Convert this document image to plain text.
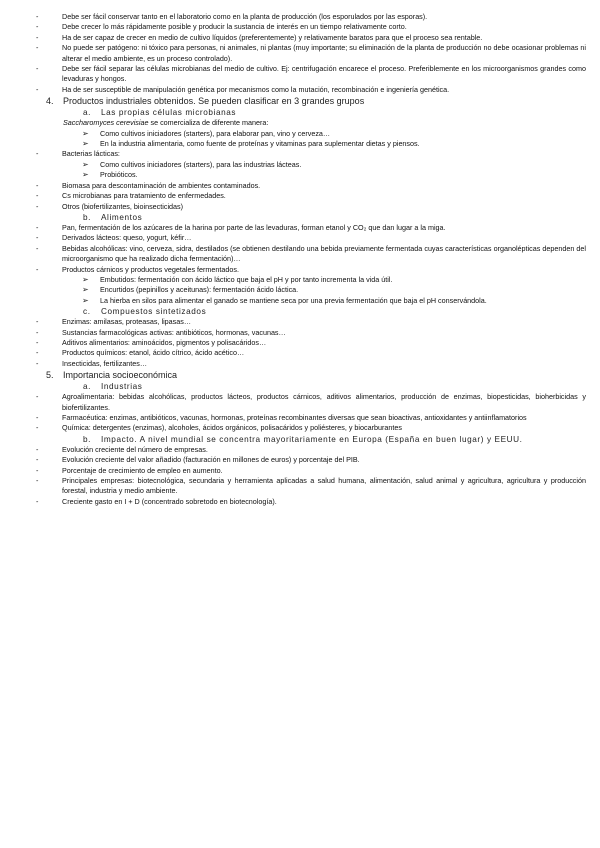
-	Debe ser fácil conservar tanto en el laboratorio como en la planta de producción (los esporulados por las esporas).
-	Debe crecer lo más rápidamente posible y producir la sustancia de interés en un tiempo relativamente corto.
-	Ha de ser capaz de crecer en medio de cultivo líquidos (preferentemente) y relativamente baratos para que el proceso sea rentable.
-	No puede ser patógeno: ni tóxico para personas, ni animales, ni plantas (muy importante; su eliminación de la planta de producción no debe ocasionar problemas ni alterar el medio ambiente, es un proceso controlado).
-	Debe ser fácil separar las células microbianas del medio de cultivo. Ej: centrifugación encarece el proceso. Preferiblemente en los microorganismos grandes como levaduras y hongos.
-	Ha de ser susceptible de manipulación genética por mecanismos como la mutación, recombinación e ingeniería genética.
4.	Productos industriales obtenidos. Se pueden clasificar en 3 grandes grupos
a.	Las propias células microbianas
Saccharomyces cerevisiae se comercializa de diferente manera:
➢	Como cultivos iniciadores (starters), para elaborar pan, vino y cerveza…
➢	En la industria alimentaria, como fuente de proteínas y vitaminas para suplementar dietas y piensos.
-	Bacterias lácticas:
➢	Como cultivos iniciadores (starters), para las industrias lácteas.
➢	Probióticos.
-	Biomasa para descontaminación de ambientes contaminados.
-	Cs microbianas para tratamiento de enfermedades.
-	Otros (biofertilizantes, bioinsecticidas)
b.	Alimentos
-	Pan, fermentación de los azúcares de la harina por parte de las levaduras, forman etanol y CO₂ que dan lugar a la miga.
-	Derivados lácteos: queso, yogurt, kéfir…
-	Bebidas alcohólicas: vino, cerveza, sidra, destilados (se obtienen destilando una bebida previamente fermentada cuyas características organolépticas dependen del microorganismo que ha realizado dicha fermentación)…
-	Productos cárnicos y productos vegetales fermentados.
➢	Embutidos: fermentación con ácido láctico que baja el pH y por tanto incrementa la vida útil.
➢	Encurtidos (pepinillos y aceitunas): fermentación ácido láctica.
➢	La hierba en silos para alimentar el ganado se mantiene seca por una previa fermentación que baja el pH conservándola.
c.	Compuestos sintetizados
-	Enzimas: amilasas, proteasas, lipasas…
-	Sustancias farmacológicas activas: antibióticos, hormonas, vacunas…
-	Aditivos alimentarios: aminoácidos, pigmentos y polisacáridos…
-	Productos químicos: etanol, ácido cítrico, ácido acético…
-	Insecticidas, fertilizantes…
5.	Importancia socioeconómica
a.	Industrias
-	Agroalimentaria: bebidas alcohólicas, productos lácteos, productos cárnicos, aditivos alimentarios, producción de enzimas, biopesticidas, bioherbicidas y biofertilizantes.
-	Farmacéutica: enzimas, antibióticos, vacunas, hormonas, proteínas recombinantes diversas que sean bioactivas, antioxidantes y antiinflamatorios
-	Química: detergentes (enzimas), alcoholes, ácidos orgánicos, polisacáridos y poliésteres, y biocarburantes
b.	Impacto. A nivel mundial se concentra mayoritariamente en Europa (España en buen lugar) y EEUU.
-	Evolución creciente del número de empresas.
-	Evolución creciente del valor añadido (facturación en millones de euros) y porcentaje del PIB.
-	Porcentaje de crecimiento de empleo en aumento.
-	Principales empresas: biotecnológica, secundaria y herramienta aplicadas a salud humana, alimentación, salud animal y agricultura, agricultura y producción forestal, industria y medio ambiente.
-	Creciente gasto en I + D (concentrado sobretodo en biotecnología).
